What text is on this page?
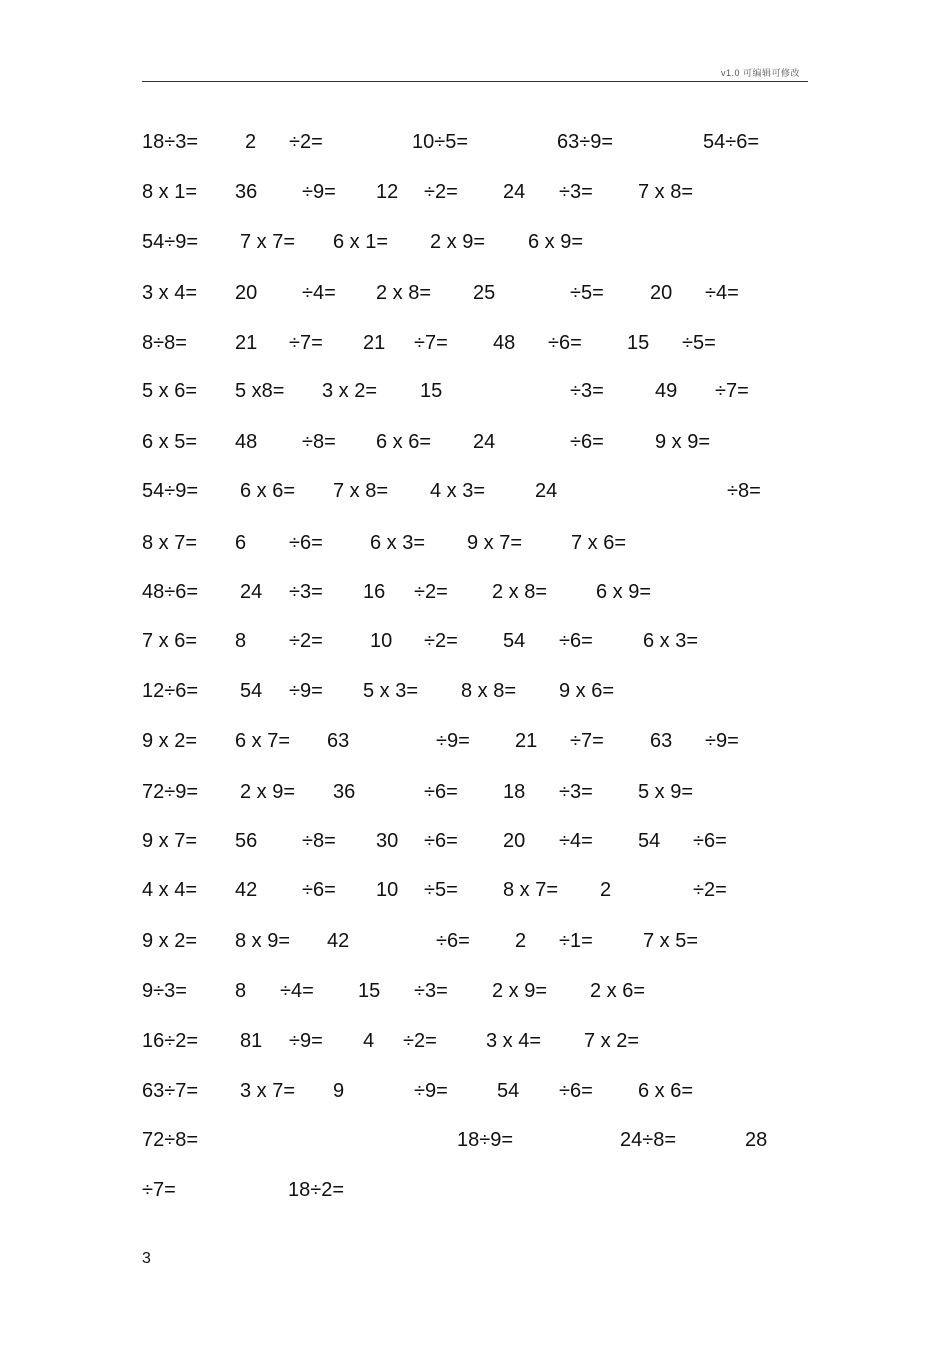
v1.0 可编辑可修改
18÷3= 2 ÷2=	10÷5=	63÷9=	54÷6=
8 x 1= 36 ÷9= 12 ÷2= 24 ÷3= 7 x 8=
54÷9= 7 x 7= 6 x 1= 2 x 9= 6 x 9=
3 x 4= 20 ÷4= 2 x 8= 25	÷5= 20 ÷4=
8÷8= 21 ÷7= 21 ÷7= 48 ÷6= 15 ÷5=
5 x 6= 5 x8= 3 x 2= 15	÷3=	49 ÷7=
6 x 5= 48 ÷8= 6 x 6= 24	÷6=	9 x 9=
54÷9= 6 x 6= 7 x 8= 4 x 3= 24	÷8=
8 x 7= 6 ÷6= 6 x 3= 9 x 7= 7 x 6=
48÷6= 24 ÷3= 16 ÷2= 2 x 8= 6 x 9=
7 x 6= 8 ÷2= 10 ÷2= 54 ÷6=	6 x 3=
12÷6= 54 ÷9= 5 x 3= 8 x 8= 9 x 6=
9 x 2= 6 x 7= 63	÷9= 21 ÷7= 63 ÷9=
72÷9= 2 x 9= 36	÷6= 18 ÷3= 5 x 9=
9 x 7= 56 ÷8= 30 ÷6= 20 ÷4= 54 ÷6=
4 x 4= 42 ÷6= 10 ÷5= 8 x 7= 2	÷2=
9 x 2= 8 x 9= 42	÷6= 2 ÷1=	7 x 5=
9÷3= 8 ÷4= 15 ÷3= 2 x 9= 2 x 6=
16÷2= 81 ÷9= 4 ÷2= 3 x 4= 7 x 2=
63÷7= 3 x 7= 9	÷9= 54 ÷6= 6 x 6=
72÷8=	18÷9=	24÷8=	28
÷7=	18÷2=
3
